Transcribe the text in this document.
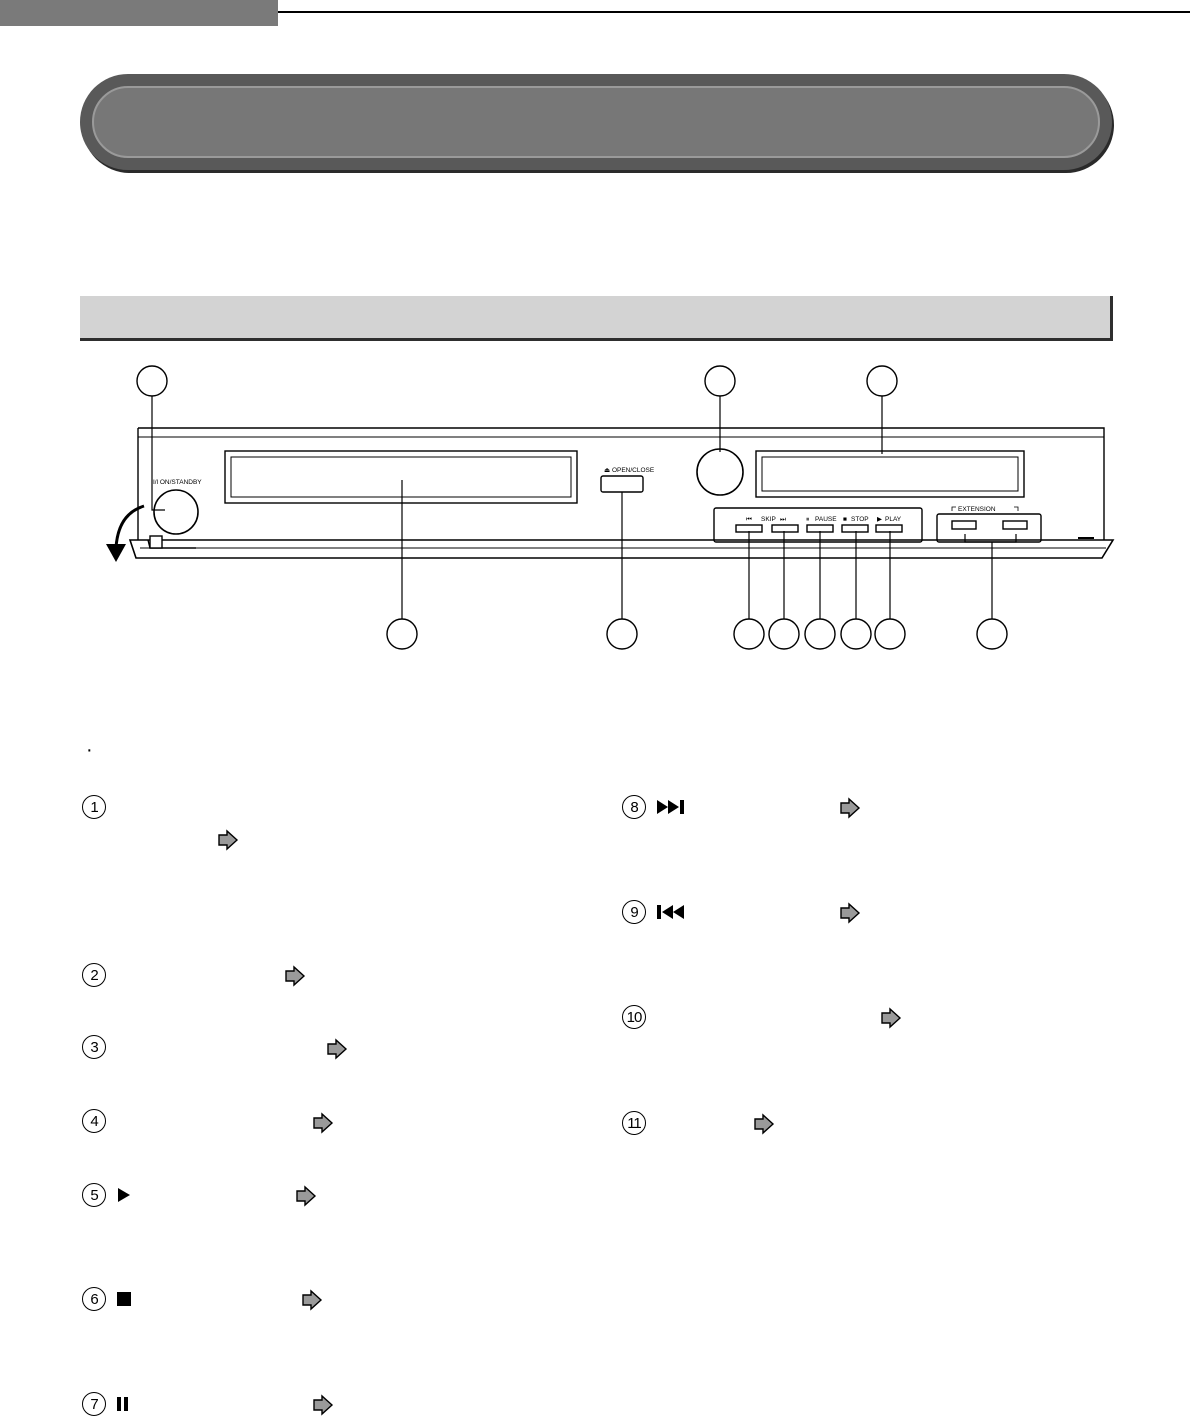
I/Ɩ ON/STANDBY
⏏ OPEN/CLOSE
⏮ SKIP ⏭	⏸ PAUSE ■ STOP ▶ PLAY
EXTENSION
·
1
2
3
4
5
6
7
8
9
10
11
